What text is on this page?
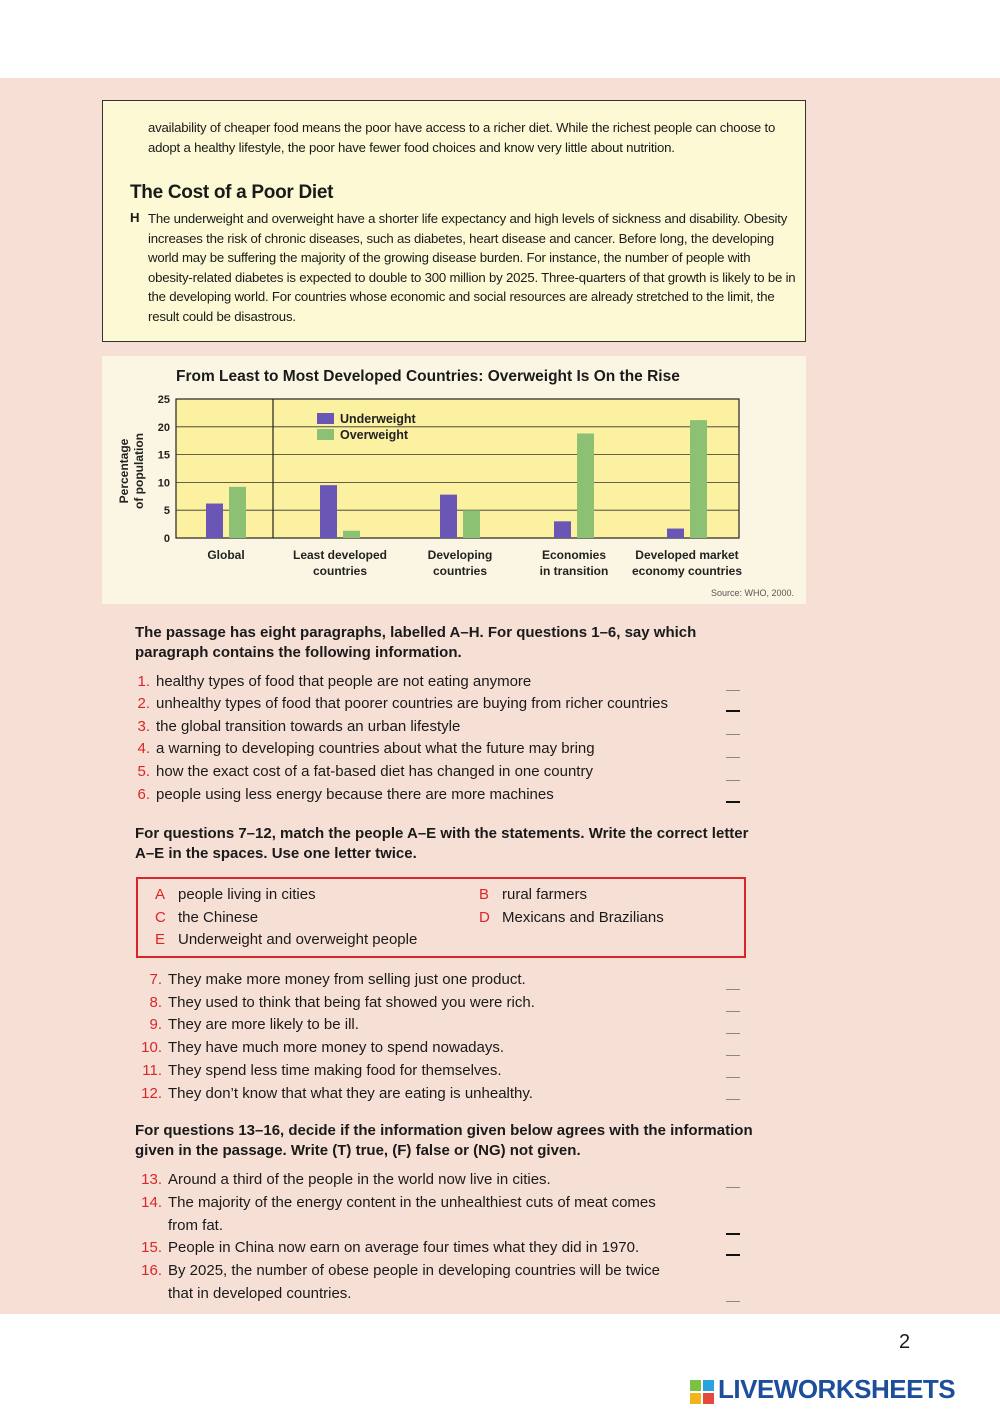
availability of cheaper food means the poor have access to a richer diet. While the richest people can choose to adopt a healthy lifestyle, the poor have fewer food choices and know very little about nutrition.
The Cost of a Poor Diet
H The underweight and overweight have a shorter life expectancy and high levels of sickness and disability. Obesity increases the risk of chronic diseases, such as diabetes, heart disease and cancer. Before long, the developing world may be suffering the majority of the growing disease burden. For instance, the number of people with obesity-related diabetes is expected to double to 300 million by 2025. Three-quarters of that growth is likely to be in the developing world. For countries whose economic and social resources are already stretched to the limit, the result could be disastrous.
0
5
10
15
20
25
Global	Least developed
countries
Developing
countries
Economies
in transition
Developed market
economy countries
Underweight
Overweight
Percentage of population
From Least to Most Developed Countries: Overweight Is On the Rise
Source: WHO, 2000.
The passage has eight paragraphs, labelled A–H. For questions 1–6, say which paragraph contains the following information.
1. healthy types of food that people are not eating anymore
2. unhealthy types of food that poorer countries are buying from richer countries
3. the global transition towards an urban lifestyle
4. a warning to developing countries about what the future may bring
5. how the exact cost of a fat-based diet has changed in one country
6. people using less energy because there are more machines
For questions 7–12, match the people A–E with the statements. Write the correct letter A–E in the spaces. Use one letter twice.
A people living in cities	B rural farmers
C the Chinese	D Mexicans and Brazilians
E Underweight and overweight people
7. They make more money from selling just one product.
8. They used to think that being fat showed you were rich.
9. They are more likely to be ill.
10. They have much more money to spend nowadays.
11. They spend less time making food for themselves.
12. They don’t know that what they are eating is unhealthy.
For questions 13–16, decide if the information given below agrees with the information given in the passage. Write (T) true, (F) false or (NG) not given.
13. Around a third of the people in the world now live in cities.
14. The majority of the energy content in the unhealthiest cuts of meat comes
from fat.
15. People in China now earn on average four times what they did in 1970.
16. By 2025, the number of obese people in developing countries will be twice
that in developed countries.
2
LIVEWORKSHEETS
